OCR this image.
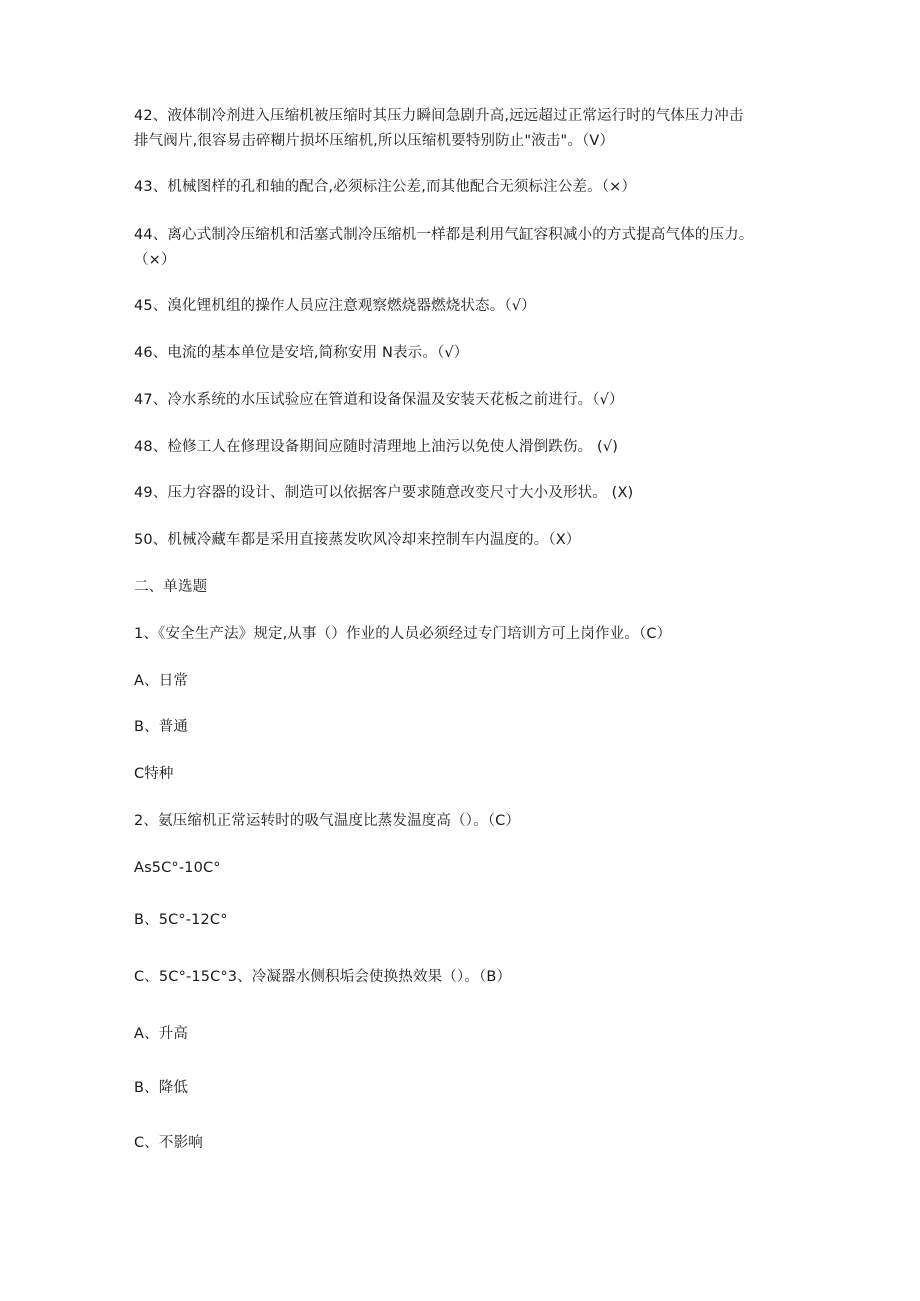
42、液体制冷剂进入压缩机被压缩时其压力瞬间急剧升高,远远超过正常运行时的气体压力冲击
排气阀片,很容易击碎糊片损坏压缩机,所以压缩机要特别防止"液击"。（V）
43、机械图样的孔和轴的配合,必须标注公差,而其他配合无须标注公差。（×）
44、离心式制冷压缩机和活塞式制冷压缩机一样都是利用气缸容积减小的方式提高气体的压力。
（×）
45、溴化锂机组的操作人员应注意观察燃烧器燃烧状态。（√）
46、电流的基本单位是安培,简称安用 N表示。（√）
47、冷水系统的水压试验应在管道和设备保温及安装天花板之前进行。（√）
48、检修工人在修理设备期间应随时清理地上油污以免使人滑倒跌伤。 (√)
49、压力容器的设计、制造可以依据客户要求随意改变尺寸大小及形状。 (X)
50、机械冷藏车都是采用直接蒸发吹风冷却来控制车内温度的。（X）
二、单选题
1、《安全生产法》规定,从事（）作业的人员必须经过专门培训方可上岗作业。（C）
A、日常
B、普通
C特种
2、氨压缩机正常运转时的吸气温度比蒸发温度高（）。（C）
As5C°-10C°
B、5C°-12C°
C、5C°-15C°3、冷凝器水侧积垢会使换热效果（）。（B）
A、升高
B、降低
C、不影响
